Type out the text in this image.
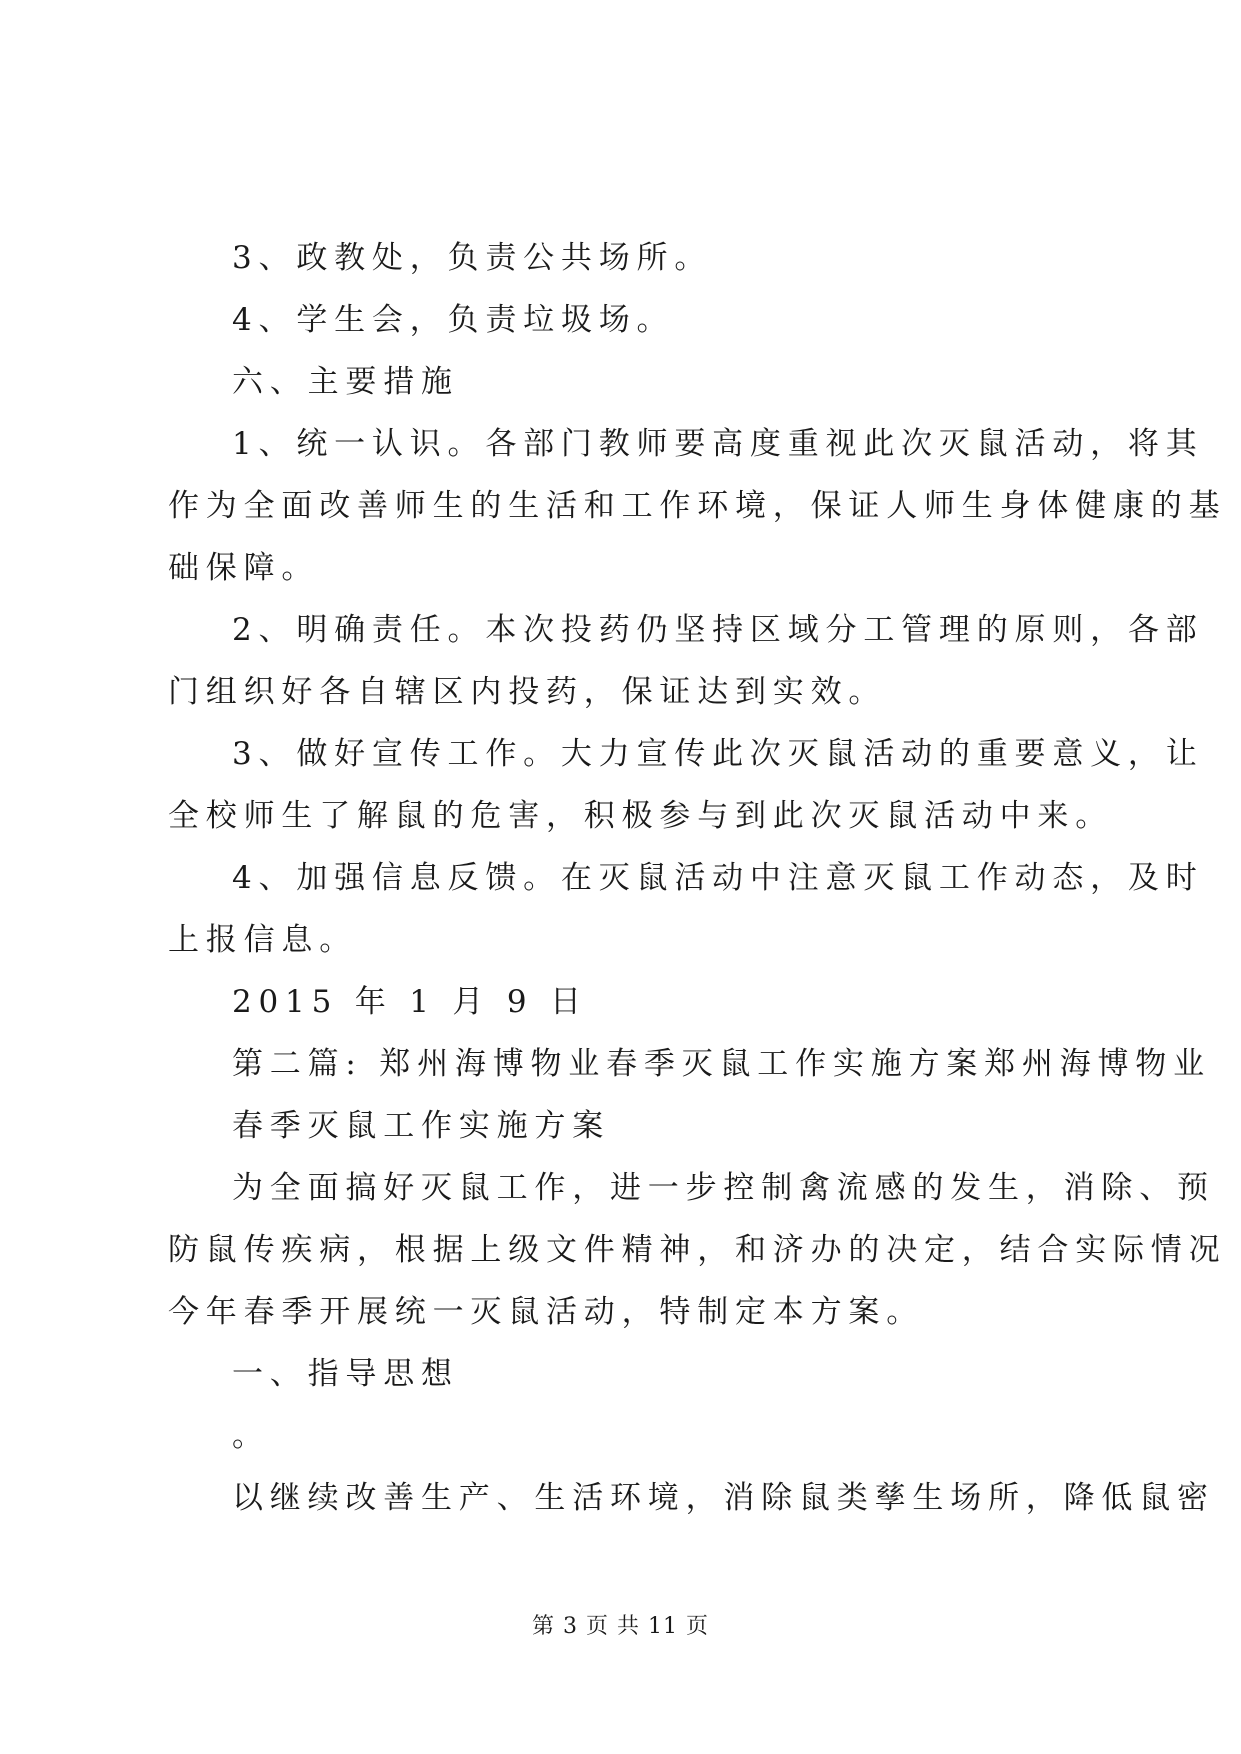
3、政教处，负责公共场所。
4、学生会，负责垃圾场。
六、主要措施
1、统一认识。各部门教师要高度重视此次灭鼠活动，将其
作为全面改善师生的生活和工作环境，保证人师生身体健康的基
础保障。
2、明确责任。本次投药仍坚持区域分工管理的原则，各部
门组织好各自辖区内投药，保证达到实效。
3、做好宣传工作。大力宣传此次灭鼠活动的重要意义，让
全校师生了解鼠的危害，积极参与到此次灭鼠活动中来。
4、加强信息反馈。在灭鼠活动中注意灭鼠工作动态，及时
上报信息。
2015 年 1 月 9 日
第二篇: 郑州海博物业春季灭鼠工作实施方案郑州海博物业
春季灭鼠工作实施方案
为全面搞好灭鼠工作，进一步控制禽流感的发生，消除、预
防鼠传疾病，根据上级文件精神，和济办的决定，结合实际情况
今年春季开展统一灭鼠活动，特制定本方案。
一、指导思想
。
以继续改善生产、生活环境，消除鼠类孳生场所，降低鼠密
第 3 页 共 11 页
